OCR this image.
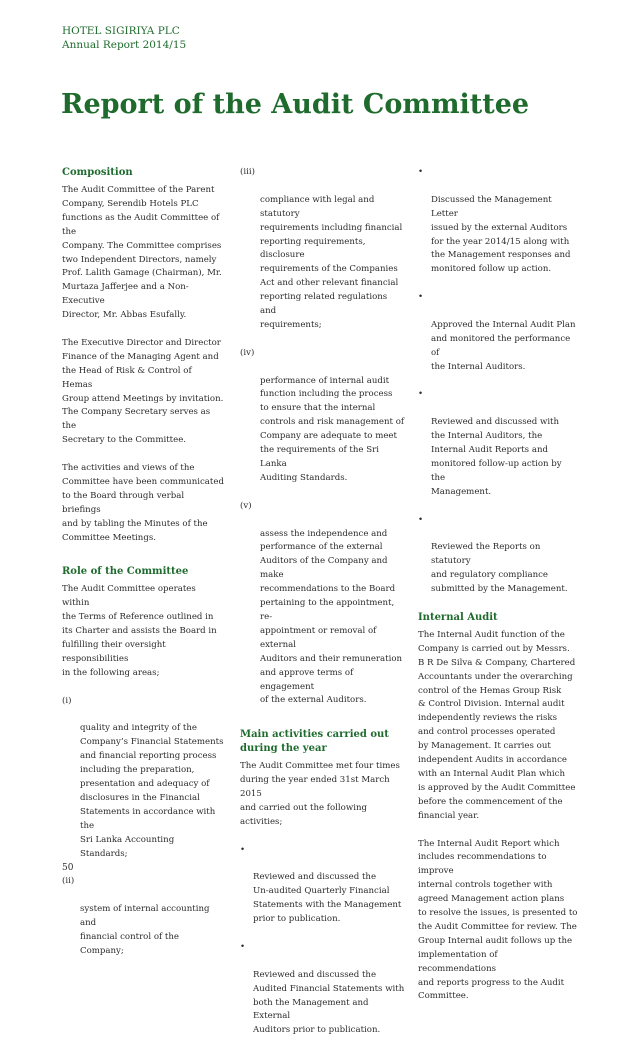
HOTEL SIGIRIYA PLC
Annual Report 2014/15
Report of the Audit Committee
Composition

The Audit Committee of the Parent
Company, Serendib Hotels PLC
functions as the Audit Committee of the
Company. The Committee comprises
two Independent Directors, namely
Prof. Lalith Gamage (Chairman), Mr.
Murtaza Jafferjee and a Non-Executive
Director, Mr. Abbas Esufally.

The Executive Director and Director
Finance of the Managing Agent and
the Head of Risk & Control of Hemas
Group attend Meetings by invitation.
The Company Secretary serves as the
Secretary to the Committee.

The activities and views of the
Committee have been communicated
to the Board through verbal briefings
and by tabling the Minutes of the
Committee Meetings.

Role of the Committee

The Audit Committee operates within
the Terms of Reference outlined in
its Charter and assists the Board in
fulfilling their oversight responsibilities
in the following areas;

(i)

quality and integrity of the
Company’s Financial Statements
and financial reporting process
including the preparation,
presentation and adequacy of
disclosures in the Financial
Statements in accordance with the
Sri Lanka Accounting Standards;

(ii)

system of internal accounting and
financial control of the Company;

(iii)

compliance with legal and statutory
requirements including financial
reporting requirements, disclosure
requirements of the Companies
Act and other relevant financial
reporting related regulations and
requirements;

(iv)

performance of internal audit
function including the process
to ensure that the internal
controls and risk management of
Company are adequate to meet
the requirements of the Sri Lanka
Auditing Standards.

(v)

assess the independence and
performance of the external
Auditors of the Company and make
recommendations to the Board
pertaining to the appointment, re-
appointment or removal of external
Auditors and their remuneration
and approve terms of engagement
of the external Auditors.

Main activities carried out
during the year

The Audit Committee met four times
during the year ended 31st March 2015
and carried out the following activities;

•

Reviewed and discussed the
Un-audited Quarterly Financial
Statements with the Management
prior to publication.

•

Reviewed and discussed the
Audited Financial Statements with
both the Management and External
Auditors prior to publication.

•

Discussed the Management Letter
issued by the external Auditors
for the year 2014/15 along with
the Management responses and
monitored follow up action.

•

Approved the Internal Audit Plan
and monitored the performance of
the Internal Auditors.

•

Reviewed and discussed with
the Internal Auditors, the
Internal Audit Reports and
monitored follow-up action by the
Management.

•

Reviewed the Reports on statutory
and regulatory compliance
submitted by the Management.

Internal Audit

The Internal Audit function of the
Company is carried out by Messrs.
B R De Silva & Company, Chartered
Accountants under the overarching
control of the Hemas Group Risk
& Control Division. Internal audit
independently reviews the risks
and control processes operated
by Management. It carries out
independent Audits in accordance
with an Internal Audit Plan which
is approved by the Audit Committee
before the commencement of the
financial year.

The Internal Audit Report which
includes recommendations to improve
internal controls together with
agreed Management action plans
to resolve the issues, is presented to
the Audit Committee for review. The
Group Internal audit follows up the
implementation of recommendations
and reports progress to the Audit
Committee.

50
